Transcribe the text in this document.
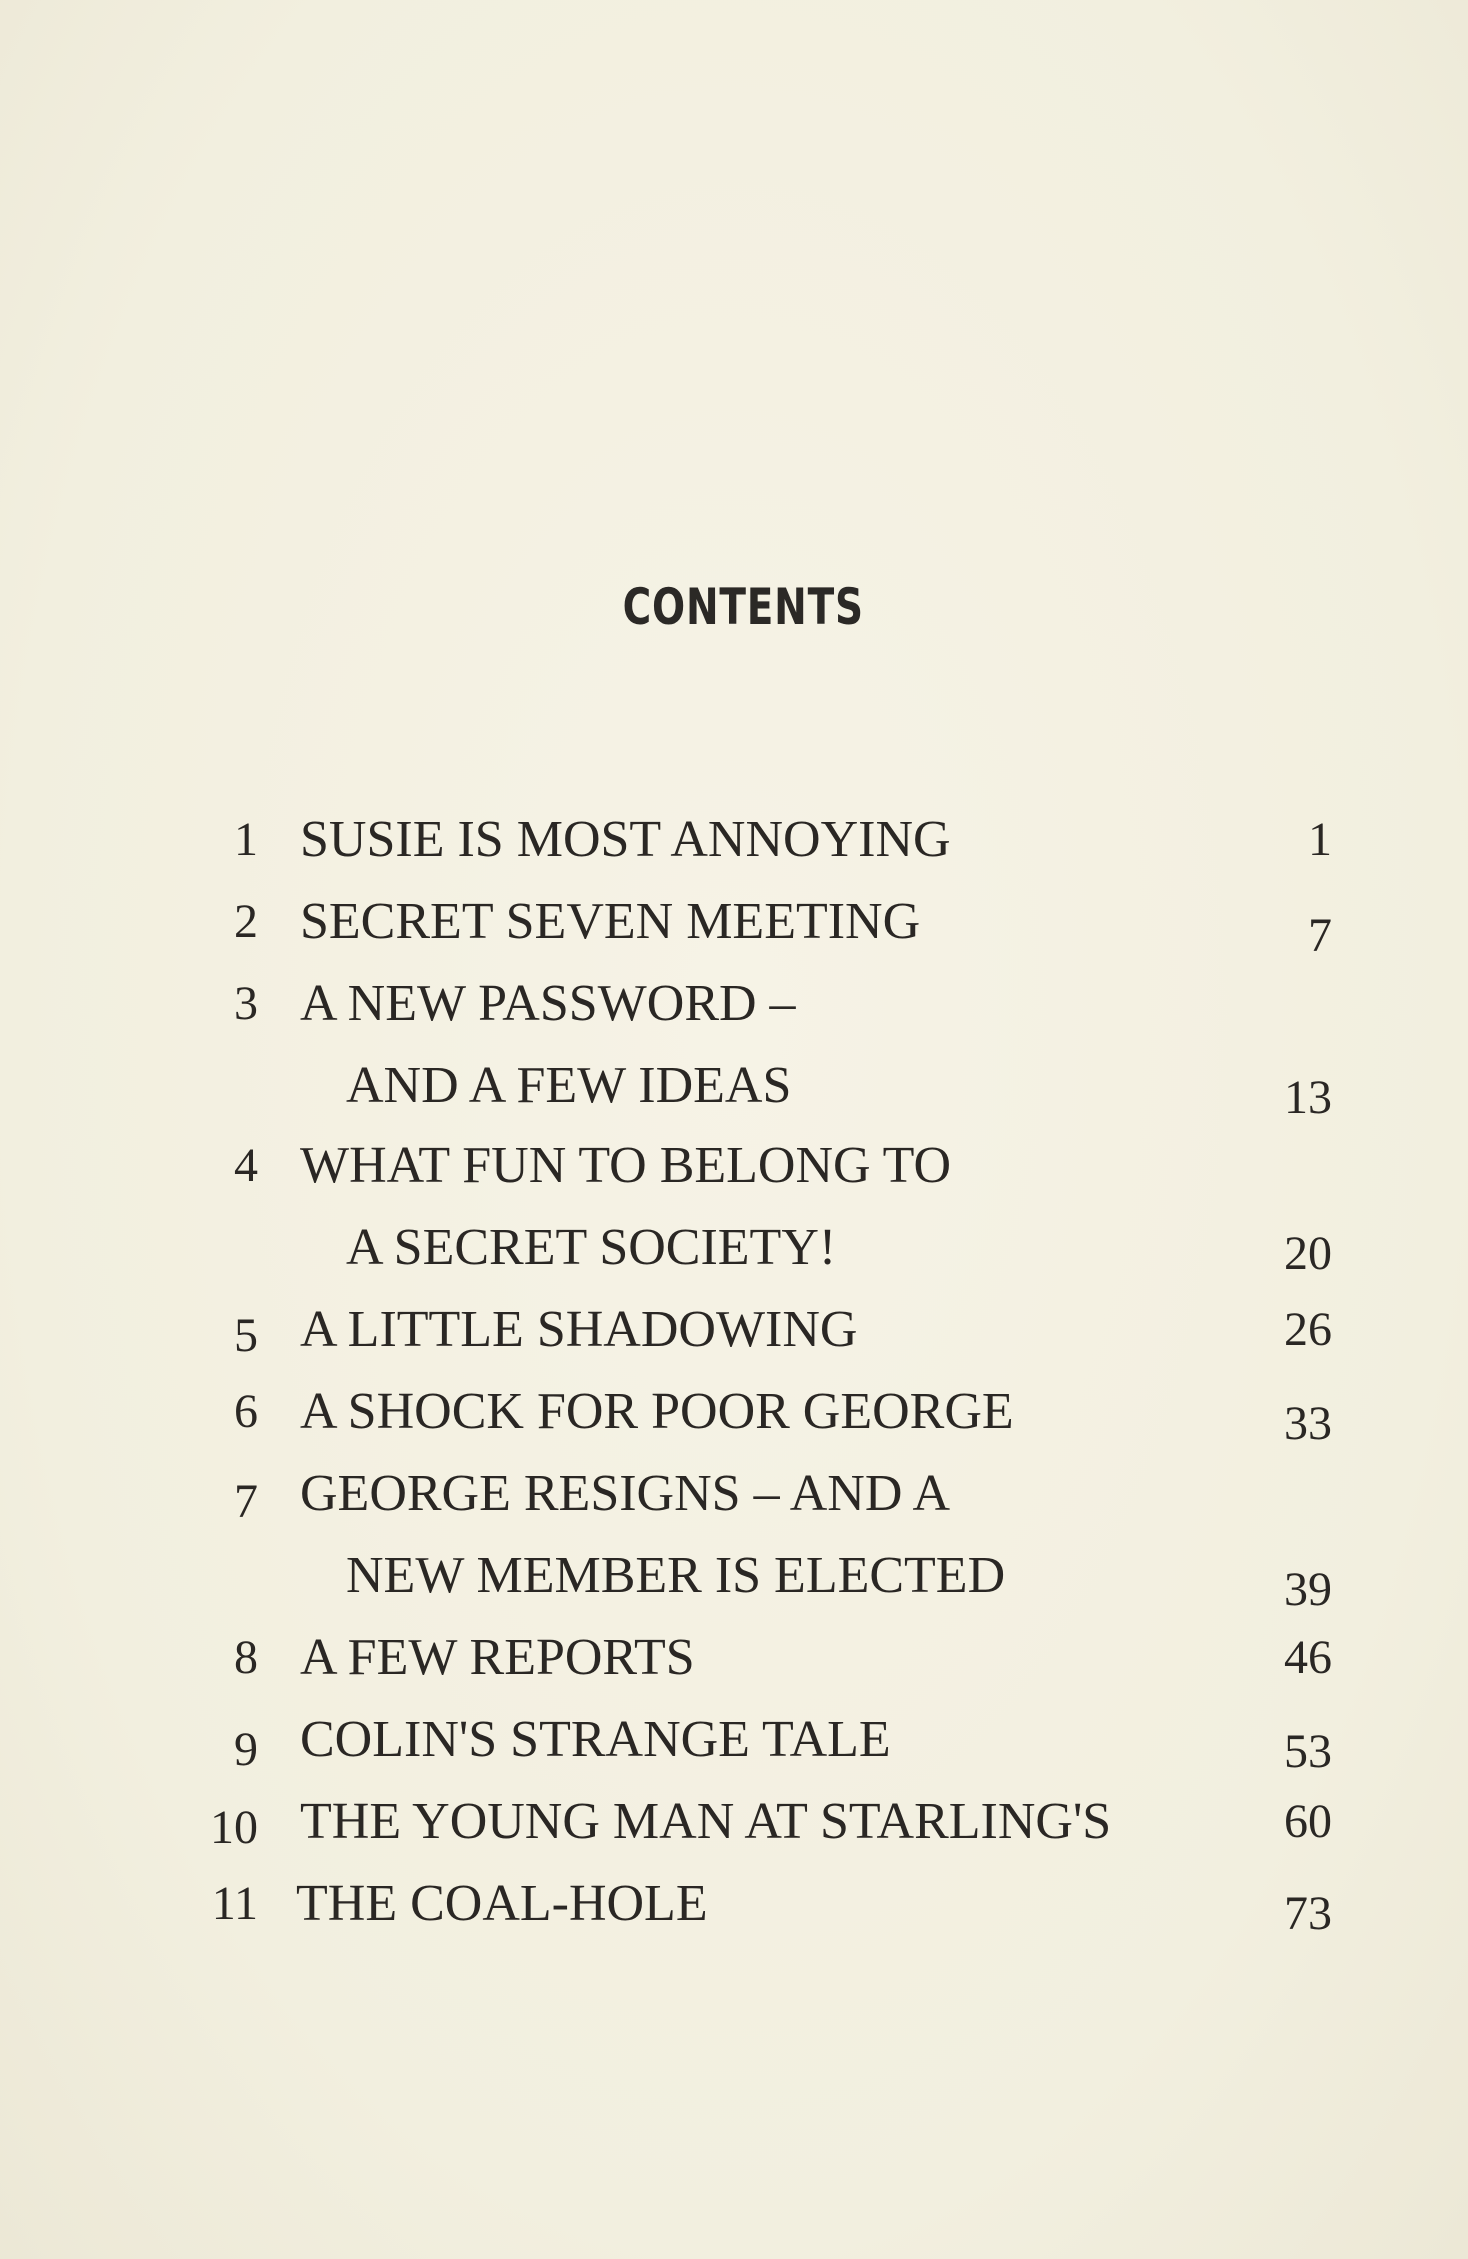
CONTENTS
1 SUSIE IS MOST ANNOYING	1
2 SECRET SEVEN MEETING	7
3 A NEW PASSWORD –
AND A FEW IDEAS	13
4 WHAT FUN TO BELONG TO
A SECRET SOCIETY!	20
5 A LITTLE SHADOWING	26
6 A SHOCK FOR POOR GEORGE	33
7 GEORGE RESIGNS – AND A
NEW MEMBER IS ELECTED	39
8 A FEW REPORTS	46
9 COLIN'S STRANGE TALE	53
10 THE YOUNG MAN AT STARLING'S	60
11 THE COAL-HOLE	73
